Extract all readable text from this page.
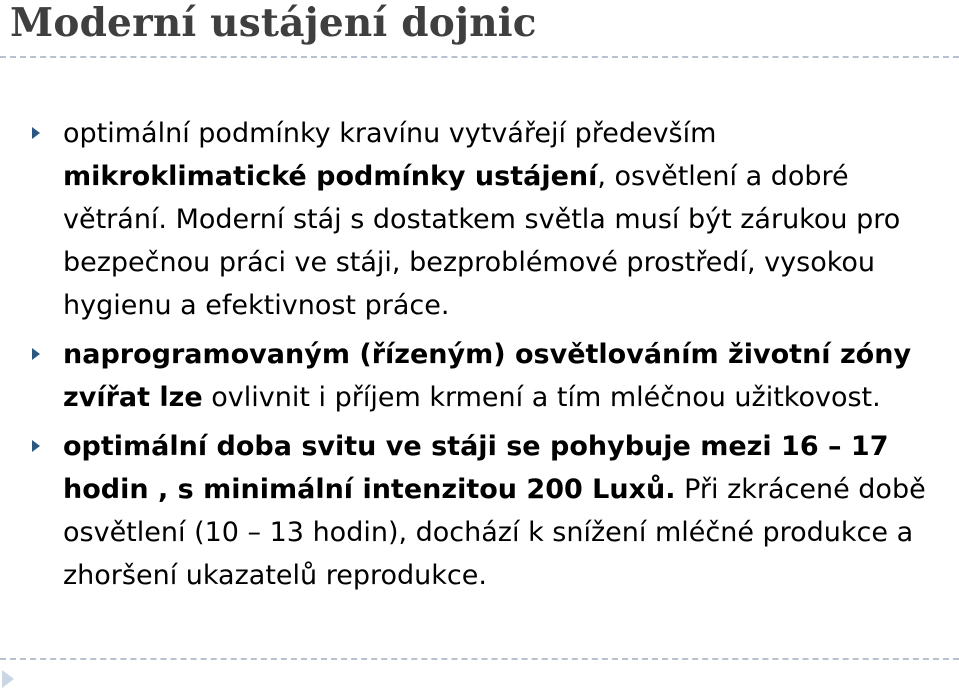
Moderní ustájení dojnic
optimální podmínky kravínu vytvářejí především mikroklimatické podmínky ustájení, osvětlení a dobré větrání. Moderní stáj s dostatkem světla musí být zárukou pro bezpečnou práci ve stáji, bezproblémové prostředí, vysokou hygienu a efektivnost práce.
naprogramovaným (řízeným) osvětlováním životní zóny zvířat lze ovlivnit i příjem krmení a tím mléčnou užitkovost.
optimální doba svitu ve stáji se pohybuje mezi 16 – 17 hodin , s minimální intenzitou 200 Luxů. Při zkrácené době osvětlení (10 – 13 hodin), dochází k snížení mléčné produkce a zhoršení ukazatelů reprodukce.
